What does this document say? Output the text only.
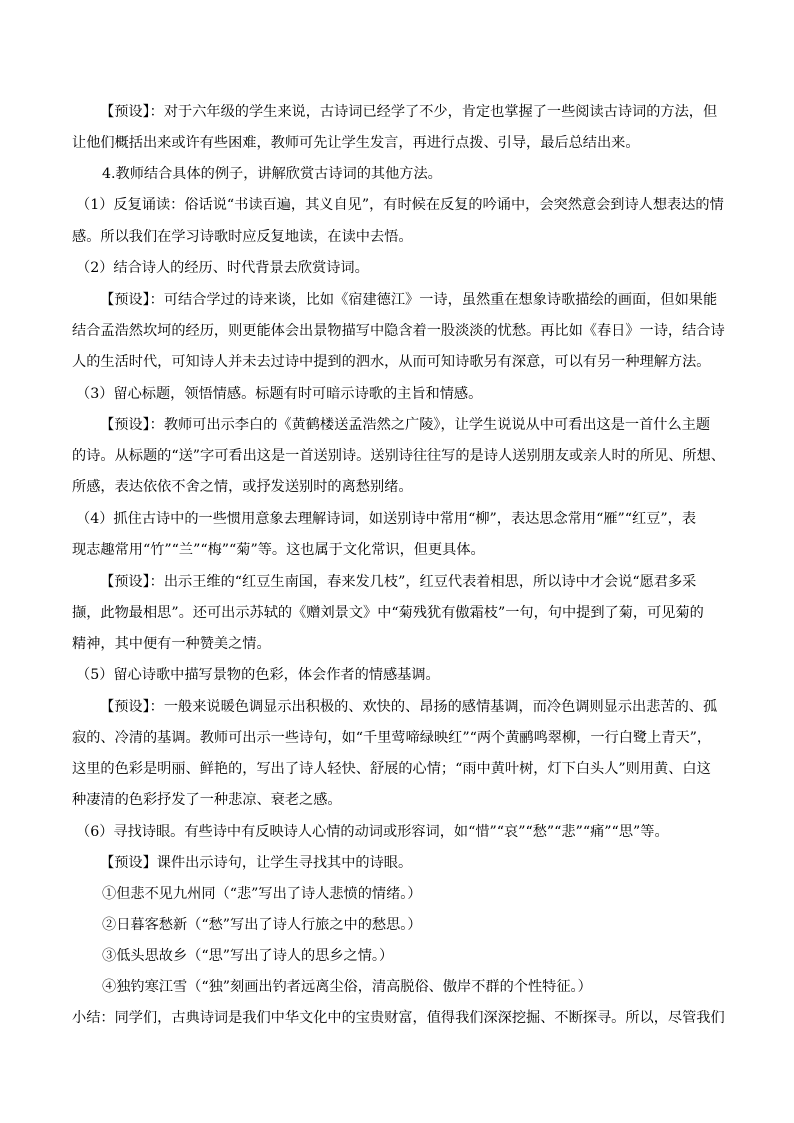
【预设】：对于六年级的学生来说，古诗词已经学了不少，肯定也掌握了一些阅读古诗词的方法，但
让他们概括出来或许有些困难，教师可先让学生发言，再进行点拨、引导，最后总结出来。
4.教师结合具体的例子，讲解欣赏古诗词的其他方法。
（1）反复诵读：俗话说“书读百遍，其义自见”，有时候在反复的吟诵中，会突然意会到诗人想表达的情
感。所以我们在学习诗歌时应反复地读，在读中去悟。
（2）结合诗人的经历、时代背景去欣赏诗词。
【预设】：可结合学过的诗来谈，比如《宿建德江》一诗，虽然重在想象诗歌描绘的画面，但如果能
结合孟浩然坎坷的经历，则更能体会出景物描写中隐含着一股淡淡的忧愁。再比如《春日》一诗，结合诗
人的生活时代，可知诗人并未去过诗中提到的泗水，从而可知诗歌另有深意，可以有另一种理解方法。
（3）留心标题，领悟情感。标题有时可暗示诗歌的主旨和情感。
【预设】：教师可出示李白的《黄鹤楼送孟浩然之广陵》，让学生说说从中可看出这是一首什么主题
的诗。从标题的“送”字可看出这是一首送别诗。送别诗往往写的是诗人送别朋友或亲人时的所见、所想、
所感，表达依依不舍之情，或抒发送别时的离愁别绪。
（4）抓住古诗中的一些惯用意象去理解诗词，如送别诗中常用“柳”，表达思念常用“雁”“红豆”，表
现志趣常用“竹”“兰”“梅”“菊”等。这也属于文化常识，但更具体。
【预设】：出示王维的“红豆生南国，春来发几枝”，红豆代表着相思，所以诗中才会说“愿君多采
撷，此物最相思”。还可出示苏轼的《赠刘景文》中“菊残犹有傲霜枝”一句，句中提到了菊，可见菊的
精神，其中便有一种赞美之情。
（5）留心诗歌中描写景物的色彩，体会作者的情感基调。
【预设】：一般来说暖色调显示出积极的、欢快的、昂扬的感情基调，而冷色调则显示出悲苦的、孤
寂的、冷清的基调。教师可出示一些诗句，如“千里莺啼绿映红”“两个黄鹂鸣翠柳，一行白鹭上青天”，
这里的色彩是明丽、鲜艳的，写出了诗人轻快、舒展的心情；“雨中黄叶树，灯下白头人”则用黄、白这
种凄清的色彩抒发了一种悲凉、衰老之感。
（6）寻找诗眼。有些诗中有反映诗人心情的动词或形容词，如“惜”“哀”“愁”“悲”“痛”“思”等。
【预设】课件出示诗句，让学生寻找其中的诗眼。
①但悲不见九州同（“悲”写出了诗人悲愤的情绪。）
②日暮客愁新（“愁”写出了诗人行旅之中的愁思。）
③低头思故乡（“思”写出了诗人的思乡之情。）
④独钓寒江雪（“独”刻画出钓者远离尘俗，清高脱俗、傲岸不群的个性特征。）
小结：同学们，古典诗词是我们中华文化中的宝贵财富，值得我们深深挖掘、不断探寻。所以，尽管我们
